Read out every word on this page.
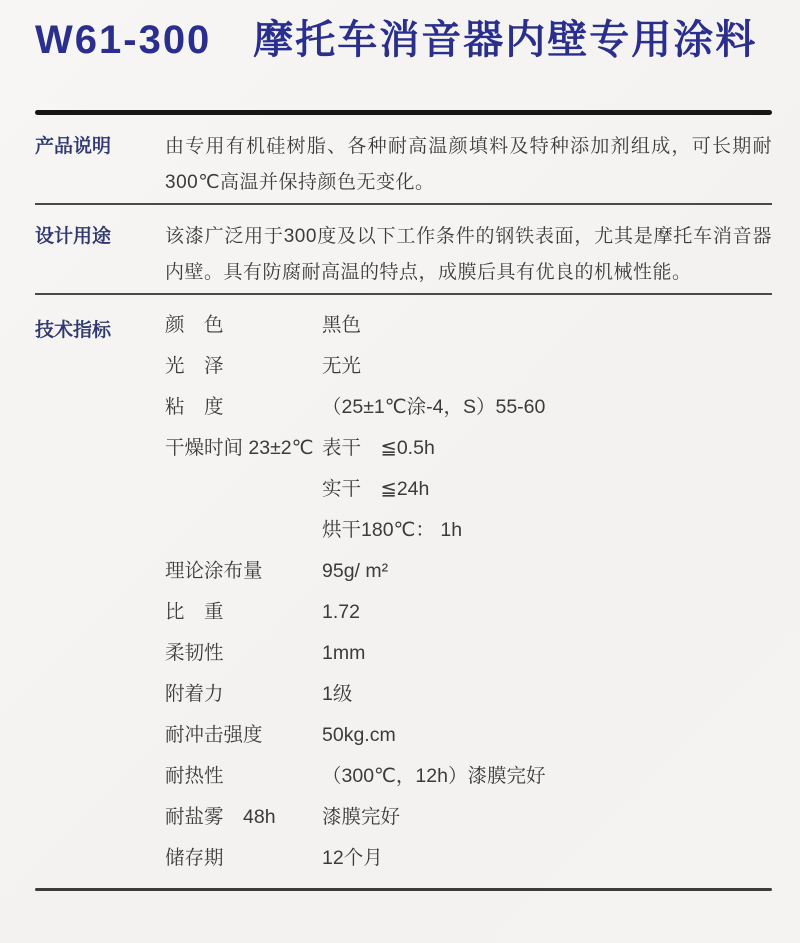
W61-300　摩托车消音器内壁专用涂料
产品说明	由专用有机硅树脂、各种耐高温颜填料及特种添加剂组成，可长期耐300℃高温并保持颜色无变化。
设计用途	该漆广泛用于300度及以下工作条件的钢铁表面，尤其是摩托车消音器内壁。具有防腐耐高温的特点，成膜后具有优良的机械性能。
技术指标	颜　色	黑色
光　泽	无光
粘　度	（25±1℃涂-4，S）55-60
干燥时间 23±2℃ 表干　≦0.5h
实干　≦24h
烘干180℃： 1h
理论涂布量	95g/ m²
比　重	1.72
柔韧性	1mm
附着力	1级
耐冲击强度	50kg.cm
耐热性	（300℃，12h）漆膜完好
耐盐雾　48h	漆膜完好
储存期	12个月
